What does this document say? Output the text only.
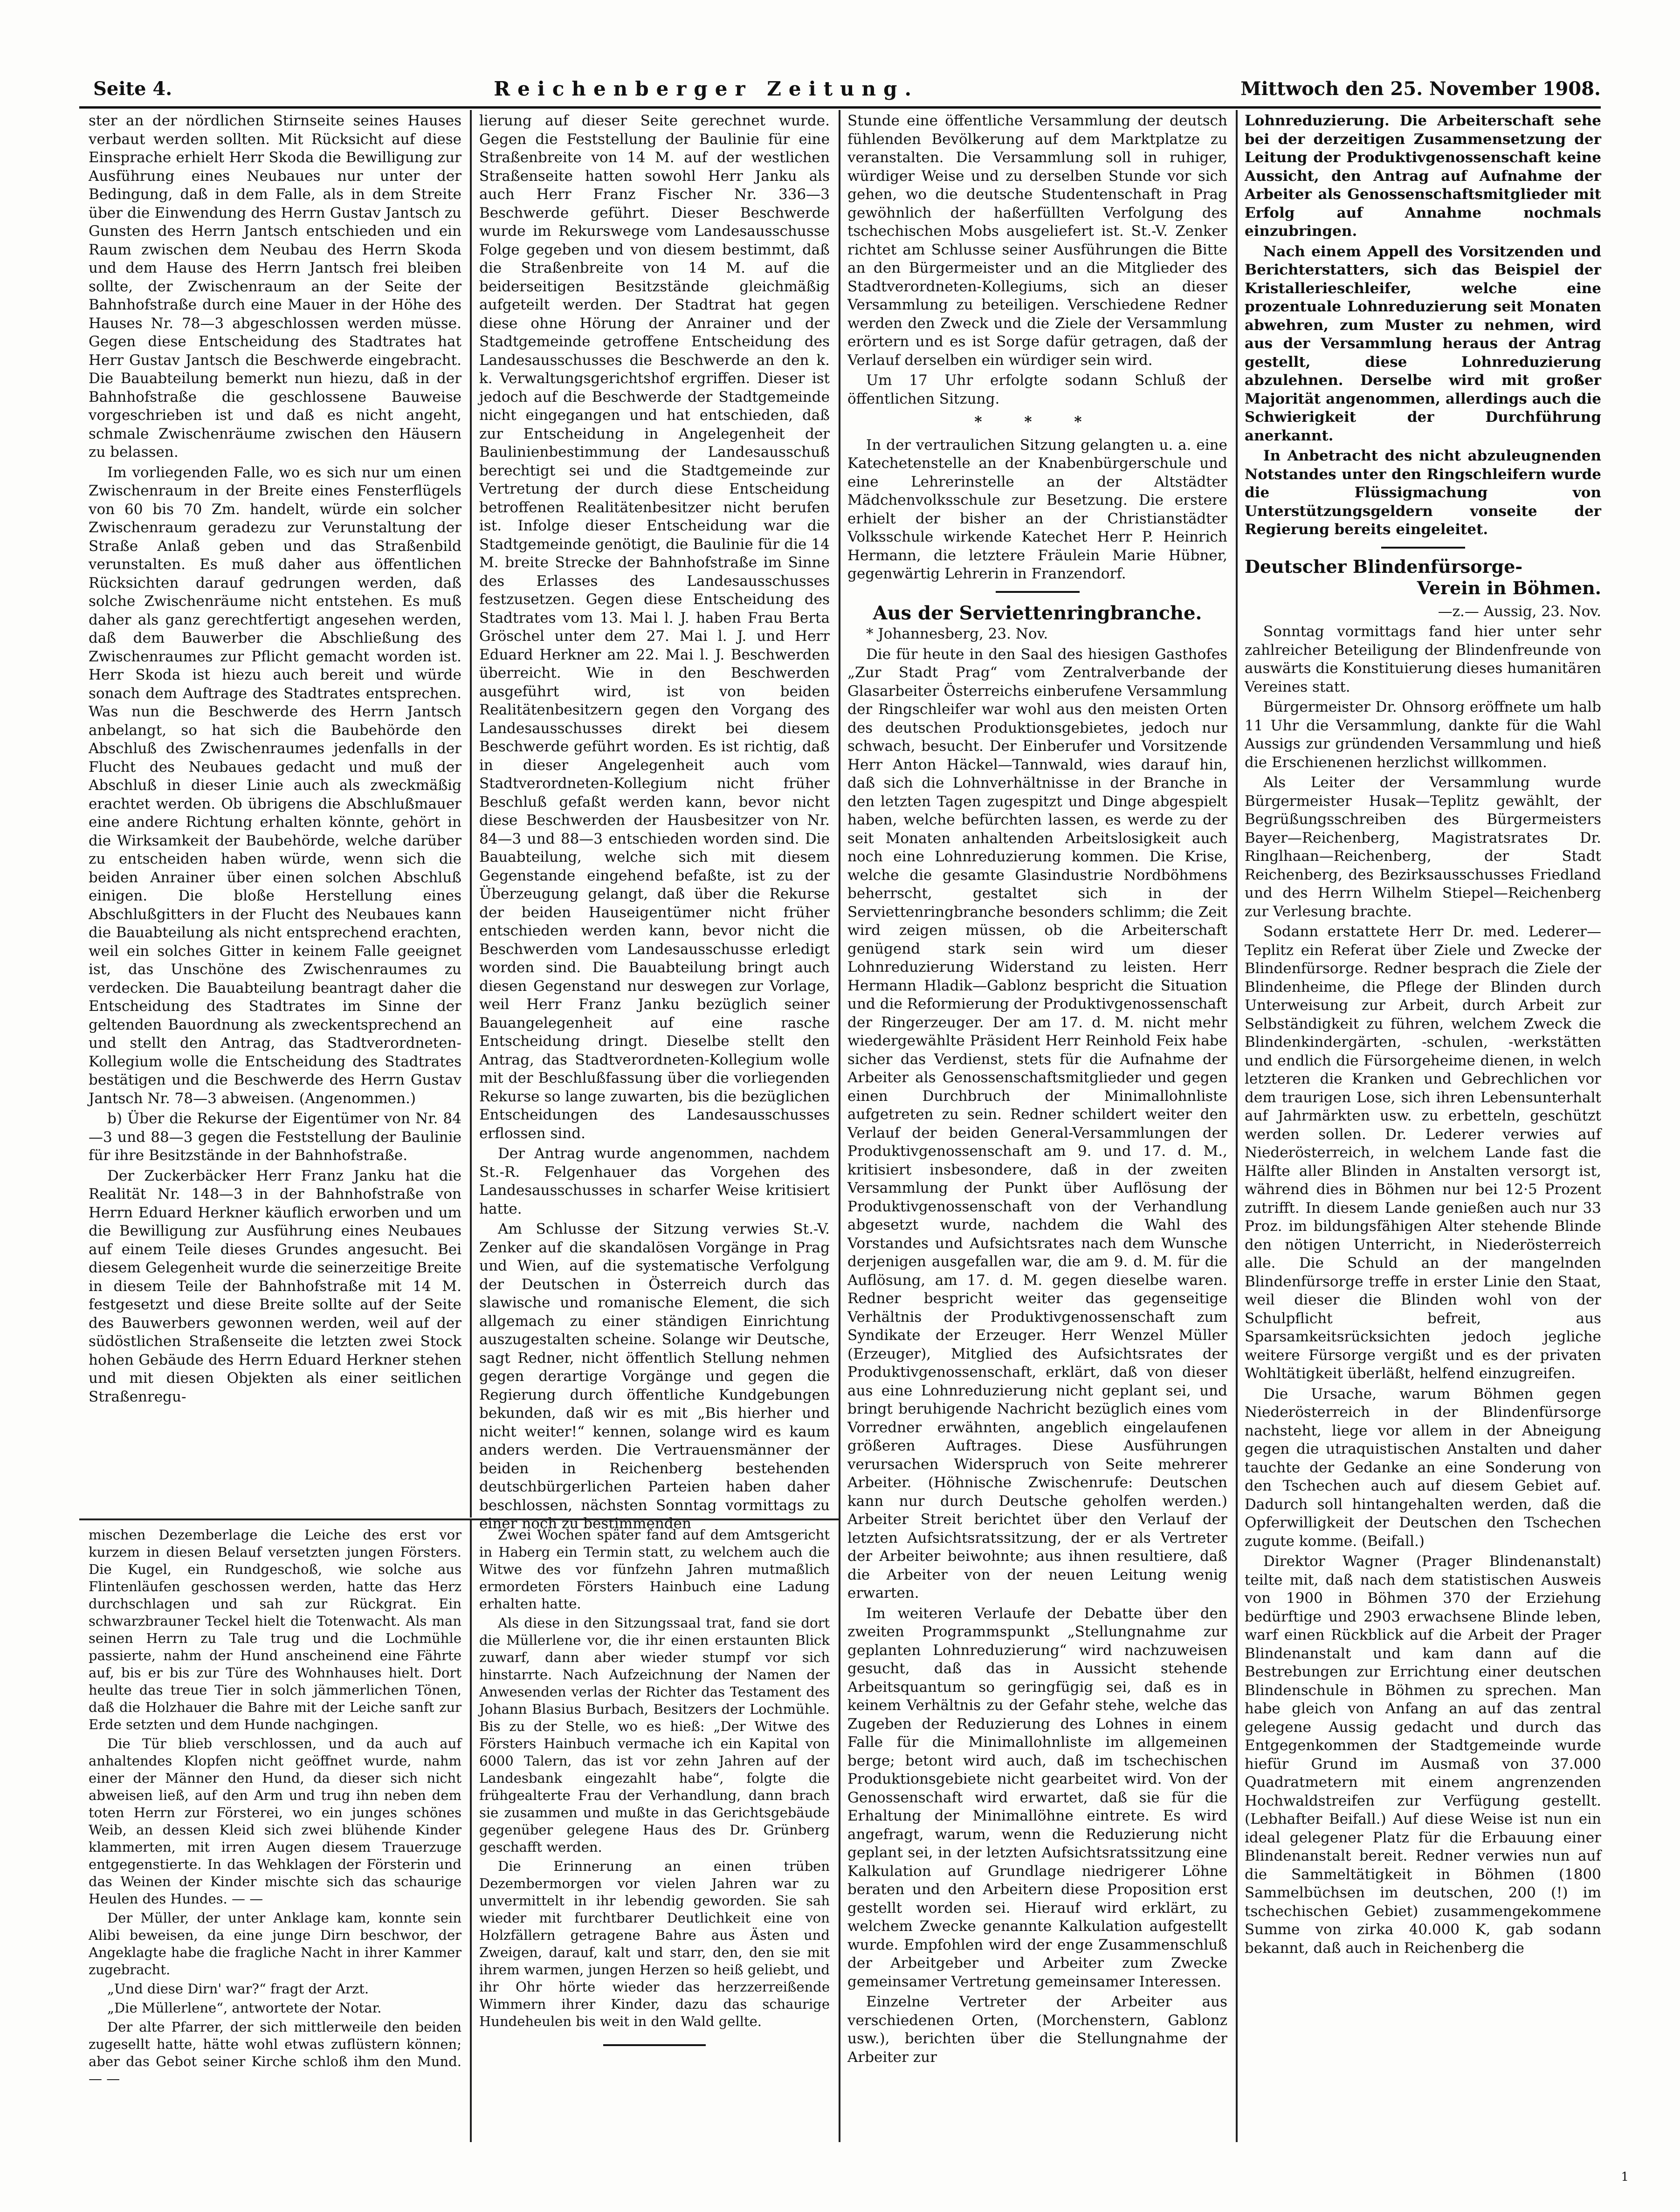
Seite 4.	Reichenberger Zeitung.	Mittwoch den 25. November 1908.

ster an der nördlichen Stirnseite seines Hauses verbaut werden sollten. Mit Rücksicht auf diese Einsprache erhielt Herr Skoda die Bewilligung zur Ausführung eines Neubaues nur unter der Bedingung, daß in dem Falle, als in dem Streite über die Einwendung des Herrn Gustav Jantsch zu Gunsten des Herrn Jantsch entschieden und ein Raum zwischen dem Neubau des Herrn Skoda und dem Hause des Herrn Jantsch frei bleiben sollte, der Zwischenraum an der Seite der Bahnhofstraße durch eine Mauer in der Höhe des Hauses Nr. 78—3 abgeschlossen werden müsse. Gegen diese Entscheidung des Stadtrates hat Herr Gustav Jantsch die Beschwerde eingebracht. Die Bauabteilung bemerkt nun hiezu, daß in der Bahnhofstraße die geschlossene Bauweise vorgeschrieben ist und daß es nicht angeht, schmale Zwischenräume zwischen den Häusern zu belassen.

Im vorliegenden Falle, wo es sich nur um einen Zwischenraum in der Breite eines Fensterflügels von 60 bis 70 Zm. handelt, würde ein solcher Zwischenraum geradezu zur Verunstaltung der Straße Anlaß geben und das Straßenbild verunstalten. Es muß daher aus öffentlichen Rücksichten darauf gedrungen werden, daß solche Zwischenräume nicht entstehen. Es muß daher als ganz gerechtfertigt angesehen werden, daß dem Bauwerber die Abschließung des Zwischenraumes zur Pflicht gemacht worden ist. Herr Skoda ist hiezu auch bereit und würde sonach dem Auftrage des Stadtrates entsprechen. Was nun die Beschwerde des Herrn Jantsch anbelangt, so hat sich die Baubehörde den Abschluß des Zwischenraumes jedenfalls in der Flucht des Neubaues gedacht und muß der Abschluß in dieser Linie auch als zweckmäßig erachtet werden. Ob übrigens die Abschlußmauer eine andere Richtung erhalten könnte, gehört in die Wirksamkeit der Baubehörde, welche darüber zu entscheiden haben würde, wenn sich die beiden Anrainer über einen solchen Abschluß einigen. Die bloße Herstellung eines Abschlußgitters in der Flucht des Neubaues kann die Bauabteilung als nicht entsprechend erachten, weil ein solches Gitter in keinem Falle geeignet ist, das Unschöne des Zwischenraumes zu verdecken. Die Bauabteilung beantragt daher die Entscheidung des Stadtrates im Sinne der geltenden Bauordnung als zweckentsprechend an und stellt den Antrag, das Stadtverordneten-Kollegium wolle die Entscheidung des Stadtrates bestätigen und die Beschwerde des Herrn Gustav Jantsch Nr. 78—3 abweisen. (Angenommen.)

b) Über die Rekurse der Eigentümer von Nr. 84—3 und 88—3 gegen die Feststellung der Baulinie für ihre Besitzstände in der Bahnhofstraße.

Der Zuckerbäcker Herr Franz Janku hat die Realität Nr. 148—3 in der Bahnhofstraße von Herrn Eduard Herkner käuflich erworben und um die Bewilligung zur Ausführung eines Neubaues auf einem Teile dieses Grundes angesucht. Bei diesem Gelegenheit wurde die seinerzeitige Breite in diesem Teile der Bahnhofstraße mit 14 M. festgesetzt und diese Breite sollte auf der Seite des Bauwerbers gewonnen werden, weil auf der südöstlichen Straßenseite die letzten zwei Stock hohen Gebäude des Herrn Eduard Herkner stehen und mit diesen Objekten als einer seitlichen Straßenregu-

lierung auf dieser Seite gerechnet wurde. Gegen die Feststellung der Baulinie für eine Straßenbreite von 14 M. auf der westlichen Straßenseite hatten sowohl Herr Janku als auch Herr Franz Fischer Nr. 336—3 Beschwerde geführt. Dieser Beschwerde wurde im Rekurswege vom Landesausschusse Folge gegeben und von diesem bestimmt, daß die Straßenbreite von 14 M. auf die beiderseitigen Besitzstände gleichmäßig aufgeteilt werden. Der Stadtrat hat gegen diese ohne Hörung der Anrainer und der Stadtgemeinde getroffene Entscheidung des Landesausschusses die Beschwerde an den k. k. Verwaltungsgerichtshof ergriffen. Dieser ist jedoch auf die Beschwerde der Stadtgemeinde nicht eingegangen und hat entschieden, daß zur Entscheidung in Angelegenheit der Baulinienbestimmung der Landesausschuß berechtigt sei und die Stadtgemeinde zur Vertretung der durch diese Entscheidung betroffenen Realitätenbesitzer nicht berufen ist. Infolge dieser Entscheidung war die Stadtgemeinde genötigt, die Baulinie für die 14 M. breite Strecke der Bahnhofstraße im Sinne des Erlasses des Landesausschusses festzusetzen. Gegen diese Entscheidung des Stadtrates vom 13. Mai l. J. haben Frau Berta Gröschel unter dem 27. Mai l. J. und Herr Eduard Herkner am 22. Mai l. J. Beschwerden überreicht. Wie in den Beschwerden ausgeführt wird, ist von beiden Realitätenbesitzern gegen den Vorgang des Landesausschusses direkt bei diesem Beschwerde geführt worden. Es ist richtig, daß in dieser Angelegenheit auch vom Stadtverordneten-Kollegium nicht früher Beschluß gefaßt werden kann, bevor nicht diese Beschwerden der Hausbesitzer von Nr. 84—3 und 88—3 entschieden worden sind. Die Bauabteilung, welche sich mit diesem Gegenstande eingehend befaßte, ist zu der Überzeugung gelangt, daß über die Rekurse der beiden Hauseigentümer nicht früher entschieden werden kann, bevor nicht die Beschwerden vom Landesausschusse erledigt worden sind. Die Bauabteilung bringt auch diesen Gegenstand nur deswegen zur Vorlage, weil Herr Franz Janku bezüglich seiner Bauangelegenheit auf eine rasche Entscheidung dringt. Dieselbe stellt den Antrag, das Stadtverordneten-Kollegium wolle mit der Beschlußfassung über die vorliegenden Rekurse so lange zuwarten, bis die bezüglichen Entscheidungen des Landesausschusses erflossen sind.

Der Antrag wurde angenommen, nachdem St.-R. Felgenhauer das Vorgehen des Landesausschusses in scharfer Weise kritisiert hatte.

Am Schlusse der Sitzung verwies St.-V. Zenker auf die skandalösen Vorgänge in Prag und Wien, auf die systematische Verfolgung der Deutschen in Österreich durch das slawische und romanische Element, die sich allgemach zu einer ständigen Einrichtung auszugestalten scheine. Solange wir Deutsche, sagt Redner, nicht öffentlich Stellung nehmen gegen derartige Vorgänge und gegen die Regierung durch öffentliche Kundgebungen bekunden, daß wir es mit „Bis hierher und nicht weiter!“ kennen, solange wird es kaum anders werden. Die Vertrauensmänner der beiden in Reichenberg bestehenden deutschbürgerlichen Parteien haben daher beschlossen, nächsten Sonntag vormittags zu einer noch zu bestimmenden

Stunde eine öffentliche Versammlung der deutsch fühlenden Bevölkerung auf dem Marktplatze zu veranstalten. Die Versammlung soll in ruhiger, würdiger Weise und zu derselben Stunde vor sich gehen, wo die deutsche Studentenschaft in Prag gewöhnlich der haßerfüllten Verfolgung des tschechischen Mobs ausgeliefert ist. St.-V. Zenker richtet am Schlusse seiner Ausführungen die Bitte an den Bürgermeister und an die Mitglieder des Stadtverordneten-Kollegiums, sich an dieser Versammlung zu beteiligen. Verschiedene Redner werden den Zweck und die Ziele der Versammlung erörtern und es ist Sorge dafür getragen, daß der Verlauf derselben ein würdiger sein wird.

Um 17 Uhr erfolgte sodann Schluß der öffentlichen Sitzung.

* * *

In der vertraulichen Sitzung gelangten u. a. eine Katechetenstelle an der Knabenbürgerschule und eine Lehrerinstelle an der Altstädter Mädchenvolksschule zur Besetzung. Die erstere erhielt der bisher an der Christianstädter Volksschule wirkende Katechet Herr P. Heinrich Hermann, die letztere Fräulein Marie Hübner, gegenwärtig Lehrerin in Franzendorf.

Aus der Serviettenringbranche.

* Johannesberg, 23. Nov.

Die für heute in den Saal des hiesigen Gasthofes „Zur Stadt Prag“ vom Zentralverbande der Glasarbeiter Österreichs einberufene Versammlung der Ringschleifer war wohl aus den meisten Orten des deutschen Produktionsgebietes, jedoch nur schwach, besucht. Der Einberufer und Vorsitzende Herr Anton Häckel—Tannwald, wies darauf hin, daß sich die Lohnverhältnisse in der Branche in den letzten Tagen zugespitzt und Dinge abgespielt haben, welche befürchten lassen, es werde zu der seit Monaten anhaltenden Arbeitslosigkeit auch noch eine Lohnreduzierung kommen. Die Krise, welche die gesamte Glasindustrie Nordböhmens beherrscht, gestaltet sich in der Serviettenringbranche besonders schlimm; die Zeit wird zeigen müssen, ob die Arbeiterschaft genügend stark sein wird um dieser Lohnreduzierung Widerstand zu leisten. Herr Hermann Hladik—Gablonz bespricht die Situation und die Reformierung der Produktivgenossenschaft der Ringerzeuger. Der am 17. d. M. nicht mehr wiedergewählte Präsident Herr Reinhold Feix habe sicher das Verdienst, stets für die Aufnahme der Arbeiter als Genossenschaftsmitglieder und gegen einen Durchbruch der Minimallohnliste aufgetreten zu sein. Redner schildert weiter den Verlauf der beiden General-Versammlungen der Produktivgenossenschaft am 9. und 17. d. M., kritisiert insbesondere, daß in der zweiten Versammlung der Punkt über Auflösung der Produktivgenossenschaft von der Verhandlung abgesetzt wurde, nachdem die Wahl des Vorstandes und Aufsichtsrates nach dem Wunsche derjenigen ausgefallen war, die am 9. d. M. für die Auflösung, am 17. d. M. gegen dieselbe waren. Redner bespricht weiter das gegenseitige Verhältnis der Produktivgenossenschaft zum Syndikate der Erzeuger. Herr Wenzel Müller (Erzeuger), Mitglied des Aufsichtsrates der Produktivgenossenschaft, erklärt, daß von dieser aus eine Lohnreduzierung nicht geplant sei, und bringt beruhigende Nachricht bezüglich eines vom Vorredner erwähnten, angeblich eingelaufenen größeren Auftrages. Diese Ausführungen verursachen Widerspruch von Seite mehrerer Arbeiter. (Höhnische Zwischenrufe: Deutschen kann nur durch Deutsche geholfen werden.) Arbeiter Streit berichtet über den Verlauf der letzten Aufsichtsratssitzung, der er als Vertreter der Arbeiter beiwohnte; aus ihnen resultiere, daß die Arbeiter von der neuen Leitung wenig erwarten.

Im weiteren Verlaufe der Debatte über den zweiten Programmspunkt „Stellungnahme zur geplanten Lohnreduzierung“ wird nachzuweisen gesucht, daß das in Aussicht stehende Arbeitsquantum so geringfügig sei, daß es in keinem Verhältnis zu der Gefahr stehe, welche das Zugeben der Reduzierung des Lohnes in einem Falle für die Minimallohnliste im allgemeinen berge; betont wird auch, daß im tschechischen Produktionsgebiete nicht gearbeitet wird. Von der Genossenschaft wird erwartet, daß sie für die Erhaltung der Minimallöhne eintrete. Es wird angefragt, warum, wenn die Reduzierung nicht geplant sei, in der letzten Aufsichtsratssitzung eine Kalkulation auf Grundlage niedrigerer Löhne beraten und den Arbeitern diese Proposition erst gestellt worden sei. Hierauf wird erklärt, zu welchem Zwecke genannte Kalkulation aufgestellt wurde. Empfohlen wird der enge Zusammenschluß der Arbeitgeber und Arbeiter zum Zwecke gemeinsamer Vertretung gemeinsamer Interessen.

Einzelne Vertreter der Arbeiter aus verschiedenen Orten, (Morchenstern, Gablonz usw.), berichten über die Stellungnahme der Arbeiter zur

Lohnreduzierung. Die Arbeiterschaft sehe bei der derzeitigen Zusammensetzung der Leitung der Produktivgenossenschaft keine Aussicht, den Antrag auf Aufnahme der Arbeiter als Genossenschaftsmitglieder mit Erfolg auf Annahme nochmals einzubringen.

Nach einem Appell des Vorsitzenden und Berichterstatters, sich das Beispiel der Kristallerieschleifer, welche eine prozentuale Lohnreduzierung seit Monaten abwehren, zum Muster zu nehmen, wird aus der Versammlung heraus der Antrag gestellt, diese Lohnreduzierung abzulehnen. Derselbe wird mit großer Majorität angenommen, allerdings auch die Schwierigkeit der Durchführung anerkannt.

In Anbetracht des nicht abzuleugnenden Notstandes unter den Ringschleifern wurde die Flüssigmachung von Unterstützungsgeldern vonseite der Regierung bereits eingeleitet.

Deutscher Blindenfürsorge-
Verein in Böhmen.

—z.— Aussig, 23. Nov.

Sonntag vormittags fand hier unter sehr zahlreicher Beteiligung der Blindenfreunde von auswärts die Konstituierung dieses humanitären Vereines statt.

Bürgermeister Dr. Ohnsorg eröffnete um halb 11 Uhr die Versammlung, dankte für die Wahl Aussigs zur gründenden Versammlung und hieß die Erschienenen herzlichst willkommen.

Als Leiter der Versammlung wurde Bürgermeister Husak—Teplitz gewählt, der Begrüßungsschreiben des Bürgermeisters Bayer—Reichenberg, Magistratsrates Dr. Ringlhaan—Reichenberg, der Stadt Reichenberg, des Bezirksausschusses Friedland und des Herrn Wilhelm Stiepel—Reichenberg zur Verlesung brachte.

Sodann erstattete Herr Dr. med. Lederer—Teplitz ein Referat über Ziele und Zwecke der Blindenfürsorge. Redner besprach die Ziele der Blindenheime, die Pflege der Blinden durch Unterweisung zur Arbeit, durch Arbeit zur Selbständigkeit zu führen, welchem Zweck die Blindenkindergärten, -schulen, -werkstätten und endlich die Fürsorgeheime dienen, in welch letzteren die Kranken und Gebrechlichen vor dem traurigen Lose, sich ihren Lebensunterhalt auf Jahrmärkten usw. zu erbetteln, geschützt werden sollen. Dr. Lederer verwies auf Niederösterreich, in welchem Lande fast die Hälfte aller Blinden in Anstalten versorgt ist, während dies in Böhmen nur bei 12·5 Prozent zutrifft. In diesem Lande genießen auch nur 33 Proz. im bildungsfähigen Alter stehende Blinde den nötigen Unterricht, in Niederösterreich alle. Die Schuld an der mangelnden Blindenfürsorge treffe in erster Linie den Staat, weil dieser die Blinden wohl von der Schulpflicht befreit, aus Sparsamkeitsrücksichten jedoch jegliche weitere Fürsorge vergißt und es der privaten Wohltätigkeit überläßt, helfend einzugreifen.

Die Ursache, warum Böhmen gegen Niederösterreich in der Blindenfürsorge nachsteht, liege vor allem in der Abneigung gegen die utraquistischen Anstalten und daher tauchte der Gedanke an eine Sonderung von den Tschechen auch auf diesem Gebiet auf. Dadurch soll hintangehalten werden, daß die Opferwilligkeit der Deutschen den Tschechen zugute komme. (Beifall.)

Direktor Wagner (Prager Blindenanstalt) teilte mit, daß nach dem statistischen Ausweis von 1900 in Böhmen 370 der Erziehung bedürftige und 2903 erwachsene Blinde leben, warf einen Rückblick auf die Arbeit der Prager Blindenanstalt und kam dann auf die Bestrebungen zur Errichtung einer deutschen Blindenschule in Böhmen zu sprechen. Man habe gleich von Anfang an auf das zentral gelegene Aussig gedacht und durch das Entgegenkommen der Stadtgemeinde wurde hiefür Grund im Ausmaß von 37.000 Quadratmetern mit einem angrenzenden Hochwaldstreifen zur Verfügung gestellt. (Lebhafter Beifall.) Auf diese Weise ist nun ein ideal gelegener Platz für die Erbauung einer Blindenanstalt bereit. Redner verwies nun auf die Sammeltätigkeit in Böhmen (1800 Sammelbüchsen im deutschen, 200 (!) im tschechischen Gebiet) zusammengekommene Summe von zirka 40.000 K, gab sodann bekannt, daß auch in Reichenberg die

mischen Dezemberlage die Leiche des erst vor kurzem in diesen Belauf versetzten jungen Försters. Die Kugel, ein Rundgeschoß, wie solche aus Flintenläufen geschossen werden, hatte das Herz durchschlagen und sah zur Rückgrat. Ein schwarzbrauner Teckel hielt die Totenwacht. Als man seinen Herrn zu Tale trug und die Lochmühle passierte, nahm der Hund anscheinend eine Fährte auf, bis er bis zur Türe des Wohnhauses hielt. Dort heulte das treue Tier in solch jämmerlichen Tönen, daß die Holzhauer die Bahre mit der Leiche sanft zur Erde setzten und dem Hunde nachgingen.

Die Tür blieb verschlossen, und da auch auf anhaltendes Klopfen nicht geöffnet wurde, nahm einer der Männer den Hund, da dieser sich nicht abweisen ließ, auf den Arm und trug ihn neben dem toten Herrn zur Försterei, wo ein junges schönes Weib, an dessen Kleid sich zwei blühende Kinder klammerten, mit irren Augen diesem Trauerzuge entgegenstierte. In das Wehklagen der Försterin und das Weinen der Kinder mischte sich das schaurige Heulen des Hundes. — —

Der Müller, der unter Anklage kam, konnte sein Alibi beweisen, da eine junge Dirn beschwor, der Angeklagte habe die fragliche Nacht in ihrer Kammer zugebracht.

„Und diese Dirn' war?“ fragt der Arzt.

„Die Müllerlene“, antwortete der Notar.

Der alte Pfarrer, der sich mittlerweile den beiden zugesellt hatte, hätte wohl etwas zuflüstern können; aber das Gebot seiner Kirche schloß ihm den Mund. — —

Zwei Wochen später fand auf dem Amtsgericht in Haberg ein Termin statt, zu welchem auch die Witwe des vor fünfzehn Jahren mutmaßlich ermordeten Försters Hainbuch eine Ladung erhalten hatte.

Als diese in den Sitzungssaal trat, fand sie dort die Müllerlene vor, die ihr einen erstaunten Blick zuwarf, dann aber wieder stumpf vor sich hinstarrte. Nach Aufzeichnung der Namen der Anwesenden verlas der Richter das Testament des Johann Blasius Burbach, Besitzers der Lochmühle. Bis zu der Stelle, wo es hieß: „Der Witwe des Försters Hainbuch vermache ich ein Kapital von 6000 Talern, das ist vor zehn Jahren auf der Landesbank eingezahlt habe“, folgte die frühgealterte Frau der Verhandlung, dann brach sie zusammen und mußte in das Gerichtsgebäude gegenüber gelegene Haus des Dr. Grünberg geschafft werden.

Die Erinnerung an einen trüben Dezembermorgen vor vielen Jahren war zu unvermittelt in ihr lebendig geworden. Sie sah wieder mit furchtbarer Deutlichkeit eine von Holzfällern getragene Bahre aus Ästen und Zweigen, darauf, kalt und starr, den, den sie mit ihrem warmen, jungen Herzen so heiß geliebt, und ihr Ohr hörte wieder das herzzerreißende Wimmern ihrer Kinder, dazu das schaurige Hundeheulen bis weit in den Wald gellte.

1
